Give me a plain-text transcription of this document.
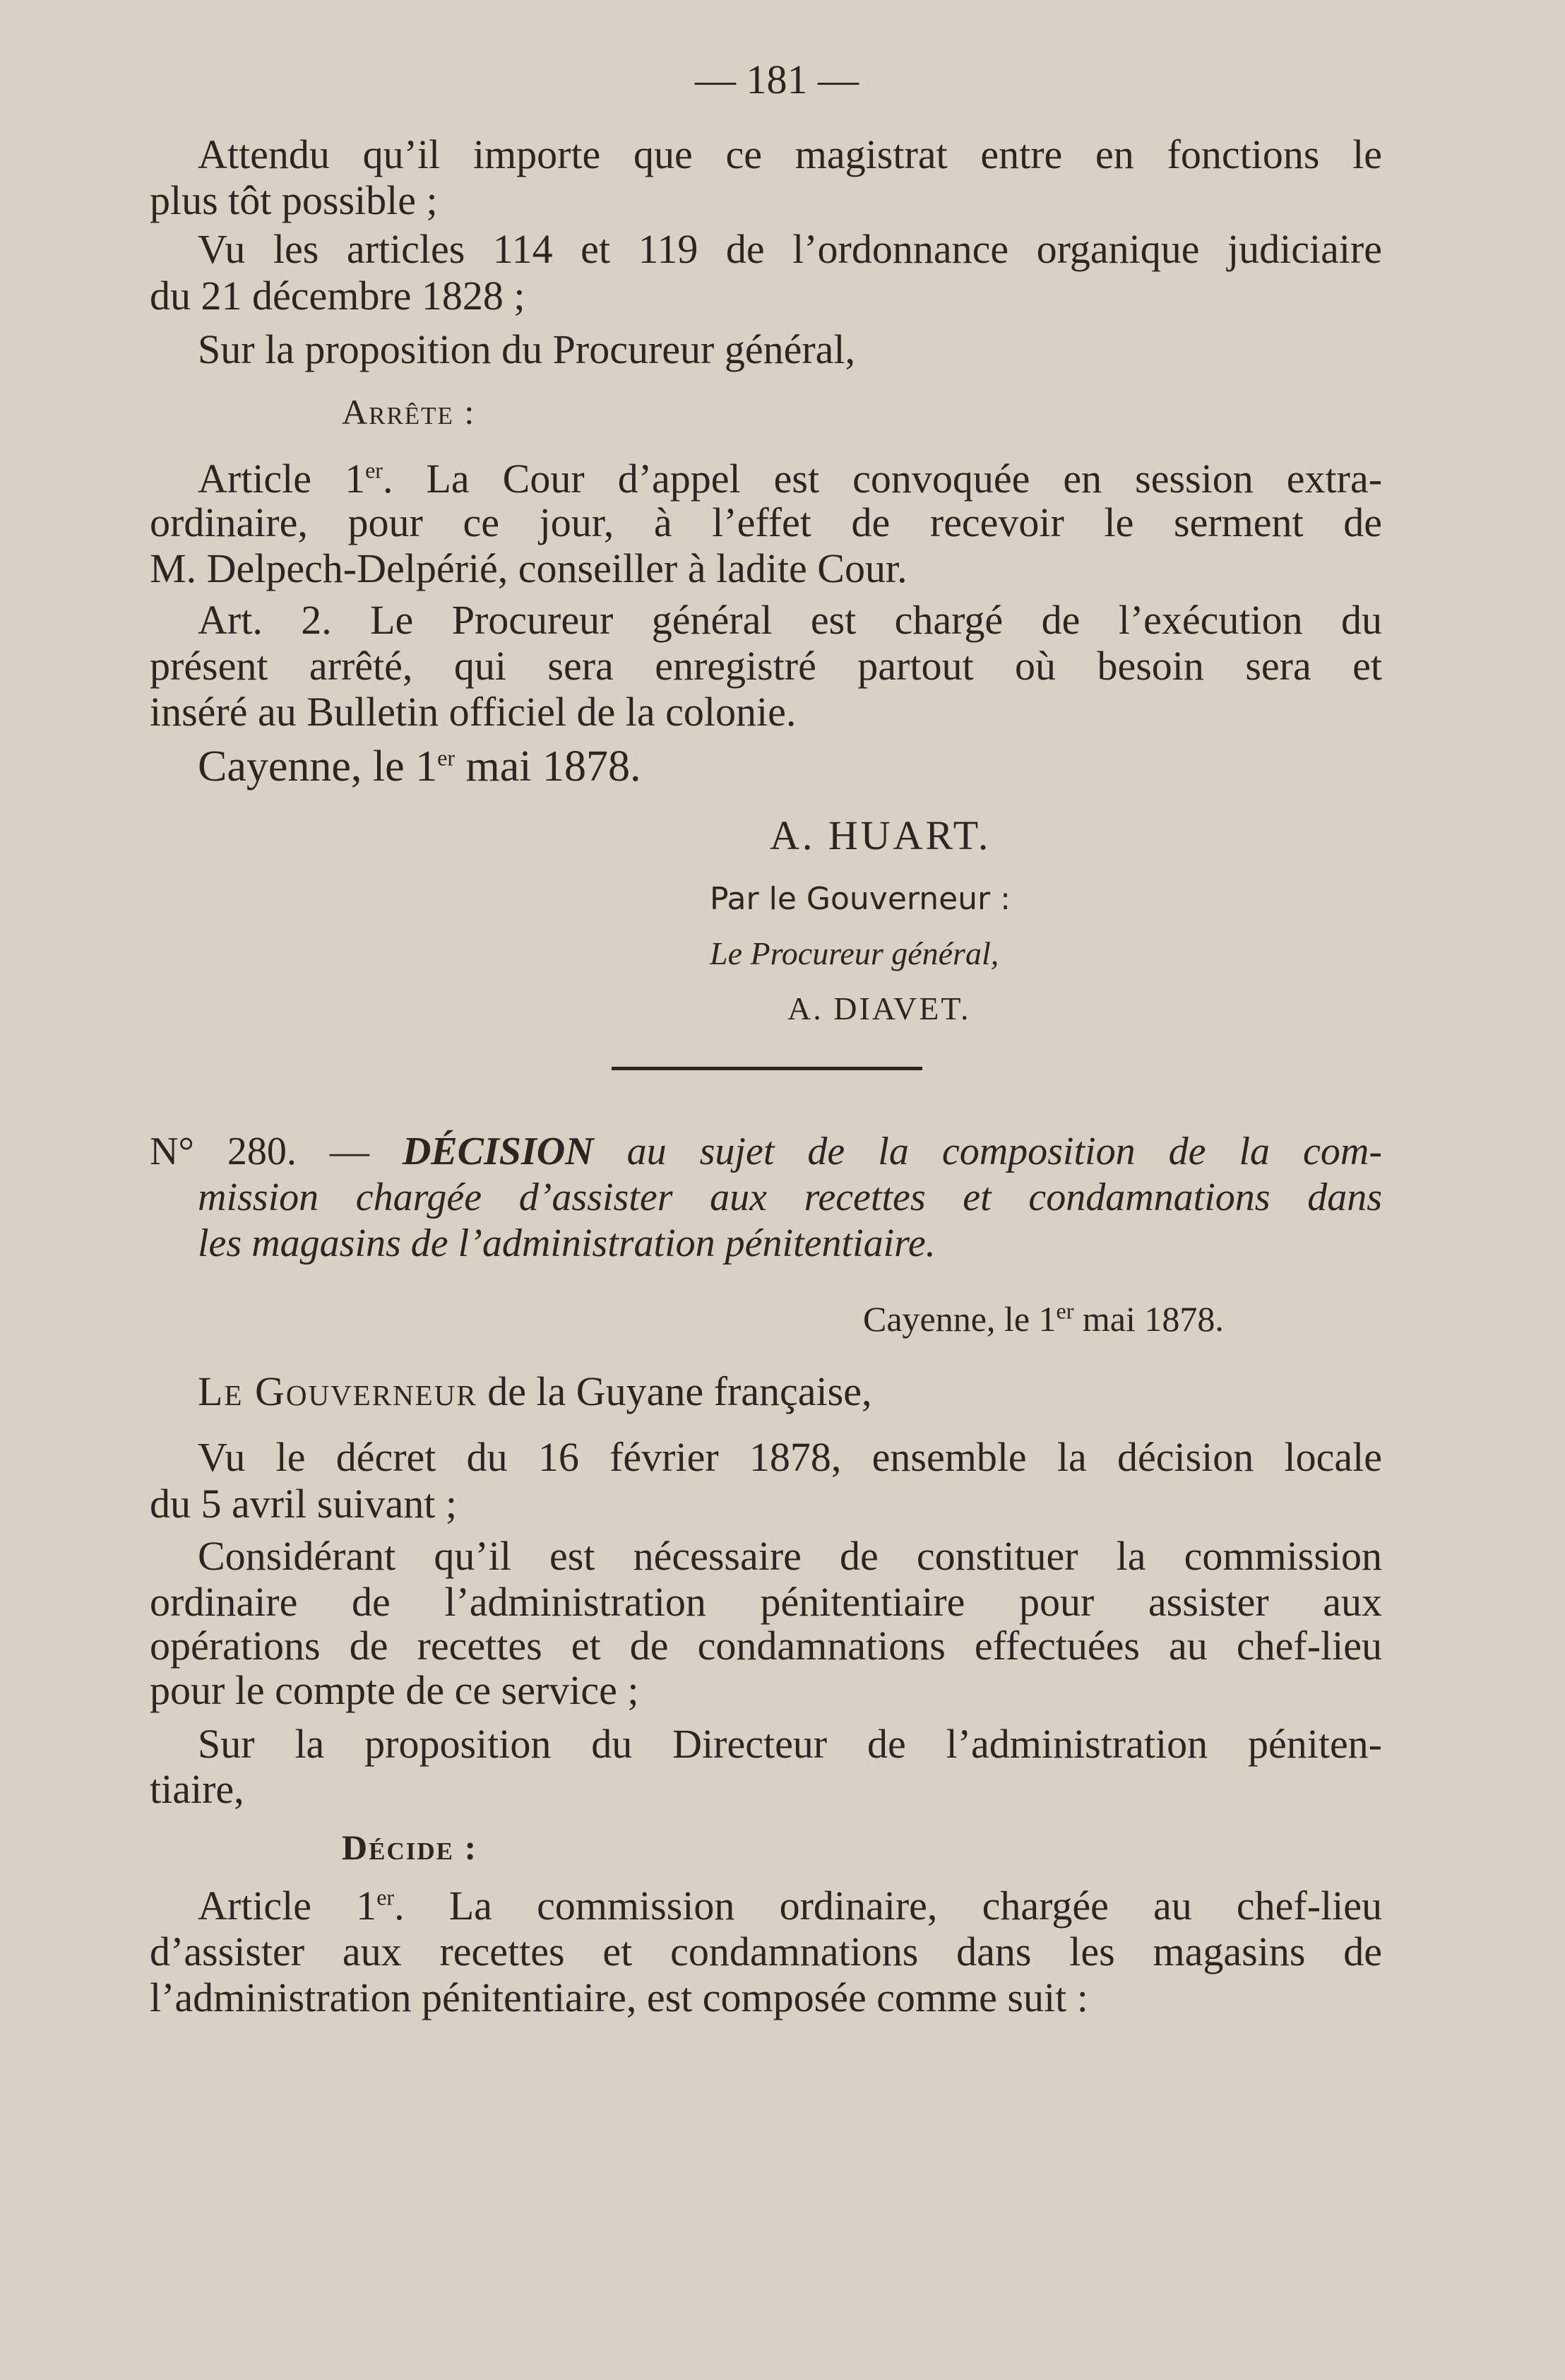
— 181 —
Attendu qu’il importe que ce magistrat entre en fonctions le
plus tôt possible ;
Vu les articles 114 et 119 de l’ordonnance organique judiciaire
du 21 décembre 1828 ;
Sur la proposition du Procureur général,
Arrête :
Article 1er. La Cour d’appel est convoquée en session extra-
ordinaire, pour ce jour, à l’effet de recevoir le serment de
M. Delpech-Delpérié, conseiller à ladite Cour.
Art. 2. Le Procureur général est chargé de l’exécution du
présent arrêté, qui sera enregistré partout où besoin sera et
inséré au Bulletin officiel de la colonie.
Cayenne, le 1er mai 1878.
A. HUART.
Par le Gouverneur :
Le Procureur général,
A. DIAVET.
N° 280. — DÉCISION au sujet de la composition de la com-
mission chargée d’assister aux recettes et condamnations dans
les magasins de l’administration pénitentiaire.
Cayenne, le 1er mai 1878.
Le Gouverneur de la Guyane française,
Vu le décret du 16 février 1878, ensemble la décision locale
du 5 avril suivant ;
Considérant qu’il est nécessaire de constituer la commission
ordinaire de l’administration pénitentiaire pour assister aux
opérations de recettes et de condamnations effectuées au chef-lieu
pour le compte de ce service ;
Sur la proposition du Directeur de l’administration péniten-
tiaire,
Décide :
Article 1er. La commission ordinaire, chargée au chef-lieu
d’assister aux recettes et condamnations dans les magasins de
l’administration pénitentiaire, est composée comme suit :
